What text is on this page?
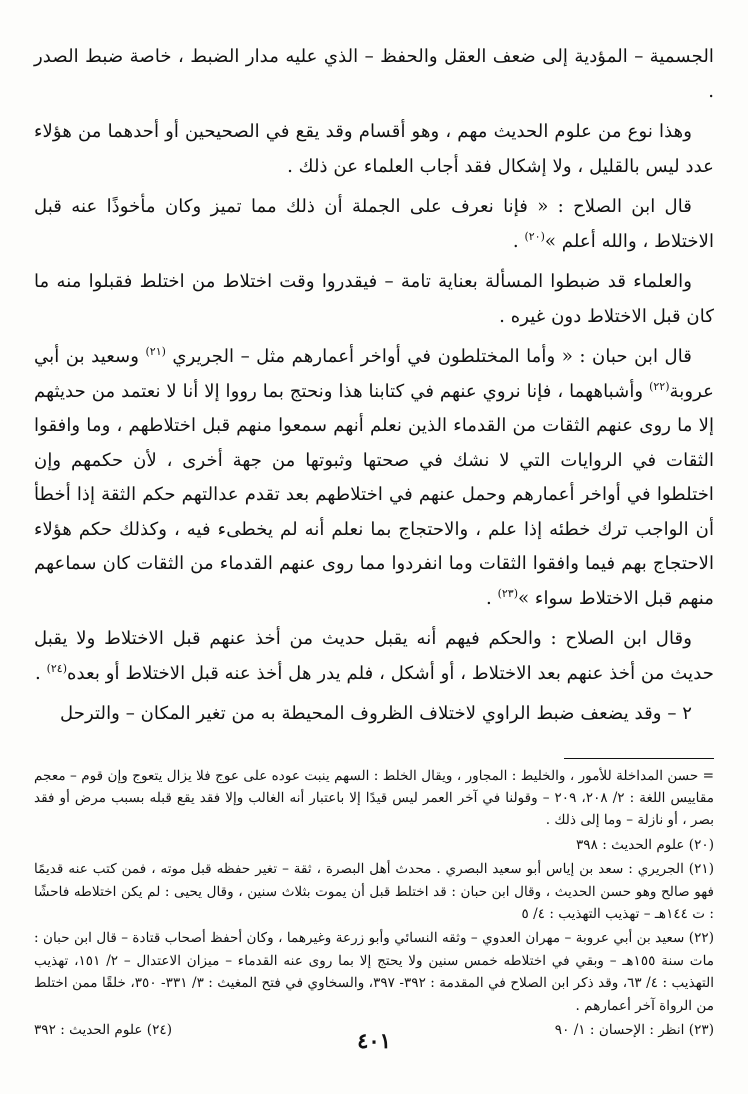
الجسمية – المؤدية إلى ضعف العقل والحفظ – الذي عليه مدار الضبط ، خاصة ضبط الصدر .

وهذا نوع من علوم الحديث مهم ، وهو أقسام وقد يقع في الصحيحين أو أحدهما من هؤلاء عدد ليس بالقليل ، ولا إشكال فقد أجاب العلماء عن ذلك .

قال ابن الصلاح : « فإنا نعرف على الجملة أن ذلك مما تميز وكان مأخوذًا عنه قبل الاختلاط ، والله أعلم »$^{(٢٠)}$ .

والعلماء قد ضبطوا المسألة بعناية تامة – فيقدروا وقت اختلاط من اختلط فقبلوا منه ما كان قبل الاختلاط دون غيره .

قال ابن حبان : « وأما المختلطون في أواخر أعمارهم مثل – الجريري $^{(٢١)}$ وسعيد بن أبي عروبة$^{(٢٢)}$ وأشباههما ، فإنا نروي عنهم في كتابنا هذا ونحتج بما رووا إلا أنا لا نعتمد من حديثهم إلا ما روى عنهم الثقات من القدماء الذين نعلم أنهم سمعوا منهم قبل اختلاطهم ، وما وافقوا الثقات في الروايات التي لا نشك في صحتها وثبوتها من جهة أخرى ، لأن حكمهم وإن اختلطوا في أواخر أعمارهم وحمل عنهم في اختلاطهم بعد تقدم عدالتهم حكم الثقة إذا أخطأ أن الواجب ترك خطئه إذا علم ، والاحتجاج بما نعلم أنه لم يخطىء فيه ، وكذلك حكم هؤلاء الاحتجاج بهم فيما وافقوا الثقات وما انفردوا مما روى عنهم القدماء من الثقات كان سماعهم منهم قبل الاختلاط سواء »$^{(٢٣)}$ .

وقال ابن الصلاح : والحكم فيهم أنه يقبل حديث من أخذ عنهم قبل الاختلاط ولا يقبل حديث من أخذ عنهم بعد الاختلاط ، أو أشكل ، فلم يدر هل أخذ عنه قبل الاختلاط أو بعده$^{(٢٤)}$ .

٢ – وقد يضعف ضبط الراوي لاختلاف الظروف المحيطة به من تغير المكان – والترحل

= حسن المداخلة للأمور ، والخليط : المجاور ، ويقال الخلط : السهم ينبت عوده على عوج فلا يزال يتعوج وإن قوم – معجم مقاييس اللغة : ٢/ ٢٠٨، ٢٠٩ – وقولنا في آخر العمر ليس قيدًا إلا باعتبار أنه الغالب وإلا فقد يقع قبله بسبب مرض أو فقد بصر ، أو نازلة – وما إلى ذلك .

(٢٠) علوم الحديث : ٣٩٨

(٢١) الجريري : سعد بن إياس أبو سعيد البصري . محدث أهل البصرة ، ثقة – تغير حفظه قبل موته ، فمن كتب عنه قديمًا فهو صالح وهو حسن الحديث ، وقال ابن حبان : قد اختلط قبل أن يموت بثلاث سنين ، وقال يحيى : لم يكن اختلاطه فاحشًا : ت ١٤٤هـ – تهذيب التهذيب : ٤/ ٥

(٢٢) سعيد بن أبي عروبة – مهران العدوي – وثقه النسائي وأبو زرعة وغيرهما ، وكان أحفظ أصحاب قتادة – قال ابن حبان : مات سنة ١٥٥هـ – وبقي في اختلاطه خمس سنين ولا يحتج إلا بما روى عنه القدماء – ميزان الاعتدال – ٢/ ١٥١، تهذيب التهذيب : ٤/ ٦٣، وقد ذكر ابن الصلاح في المقدمة : ٣٩٢- ٣٩٧، والسخاوي في فتح المغيث : ٣/ ٣٣١- ٣٥٠، خلقًا ممن اختلط من الرواة آخر أعمارهم .

(٢٣) انظر : الإحسان : ١/ ٩٠
(٢٤) علوم الحديث : ٣٩٢	٤٠١
